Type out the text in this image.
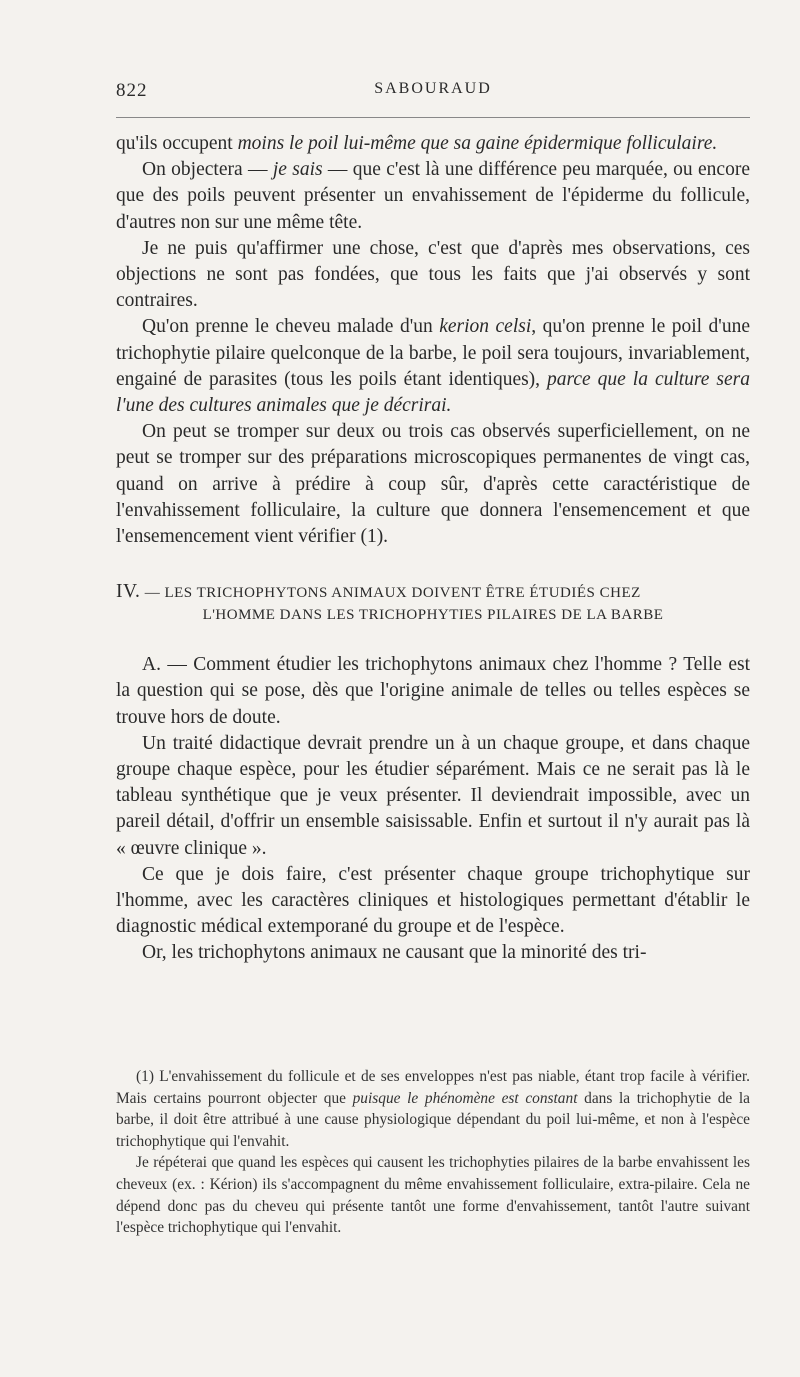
822	SABOURAUD

qu'ils occupent moins le poil lui-même que sa gaine épidermique folliculaire.

On objectera — je sais — que c'est là une différence peu marquée, ou encore que des poils peuvent présenter un envahissement de l'épiderme du follicule, d'autres non sur une même tête.

Je ne puis qu'affirmer une chose, c'est que d'après mes observations, ces objections ne sont pas fondées, que tous les faits que j'ai observés y sont contraires.

Qu'on prenne le cheveu malade d'un kerion celsi, qu'on prenne le poil d'une trichophytie pilaire quelconque de la barbe, le poil sera toujours, invariablement, engainé de parasites (tous les poils étant identiques), parce que la culture sera l'une des cultures animales que je décrirai.

On peut se tromper sur deux ou trois cas observés superficiellement, on ne peut se tromper sur des préparations microscopiques permanentes de vingt cas, quand on arrive à prédire à coup sûr, d'après cette caractéristique de l'envahissement folliculaire, la culture que donnera l'ensemencement et que l'ensemencement vient vérifier (1).

IV. — LES TRICHOPHYTONS ANIMAUX DOIVENT ÊTRE ÉTUDIÉS CHEZ
L'HOMME DANS LES TRICHOPHYTIES PILAIRES DE LA BARBE

A. — Comment étudier les trichophytons animaux chez l'homme ? Telle est la question qui se pose, dès que l'origine animale de telles ou telles espèces se trouve hors de doute.

Un traité didactique devrait prendre un à un chaque groupe, et dans chaque groupe chaque espèce, pour les étudier séparément. Mais ce ne serait pas là le tableau synthétique que je veux présenter. Il deviendrait impossible, avec un pareil détail, d'offrir un ensemble saisissable. Enfin et surtout il n'y aurait pas là « œuvre clinique ».

Ce que je dois faire, c'est présenter chaque groupe trichophytique sur l'homme, avec les caractères cliniques et histologiques permettant d'établir le diagnostic médical extemporané du groupe et de l'espèce.

Or, les trichophytons animaux ne causant que la minorité des tri-

(1) L'envahissement du follicule et de ses enveloppes n'est pas niable, étant trop facile à vérifier. Mais certains pourront objecter que puisque le phénomène est constant dans la trichophytie de la barbe, il doit être attribué à une cause physiologique dépendant du poil lui-même, et non à l'espèce trichophytique qui l'envahit.

Je répéterai que quand les espèces qui causent les trichophyties pilaires de la barbe envahissent les cheveux (ex. : Kérion) ils s'accompagnent du même envahissement folliculaire, extra-pilaire. Cela ne dépend donc pas du cheveu qui présente tantôt une forme d'envahissement, tantôt l'autre suivant l'espèce trichophytique qui l'envahit.
